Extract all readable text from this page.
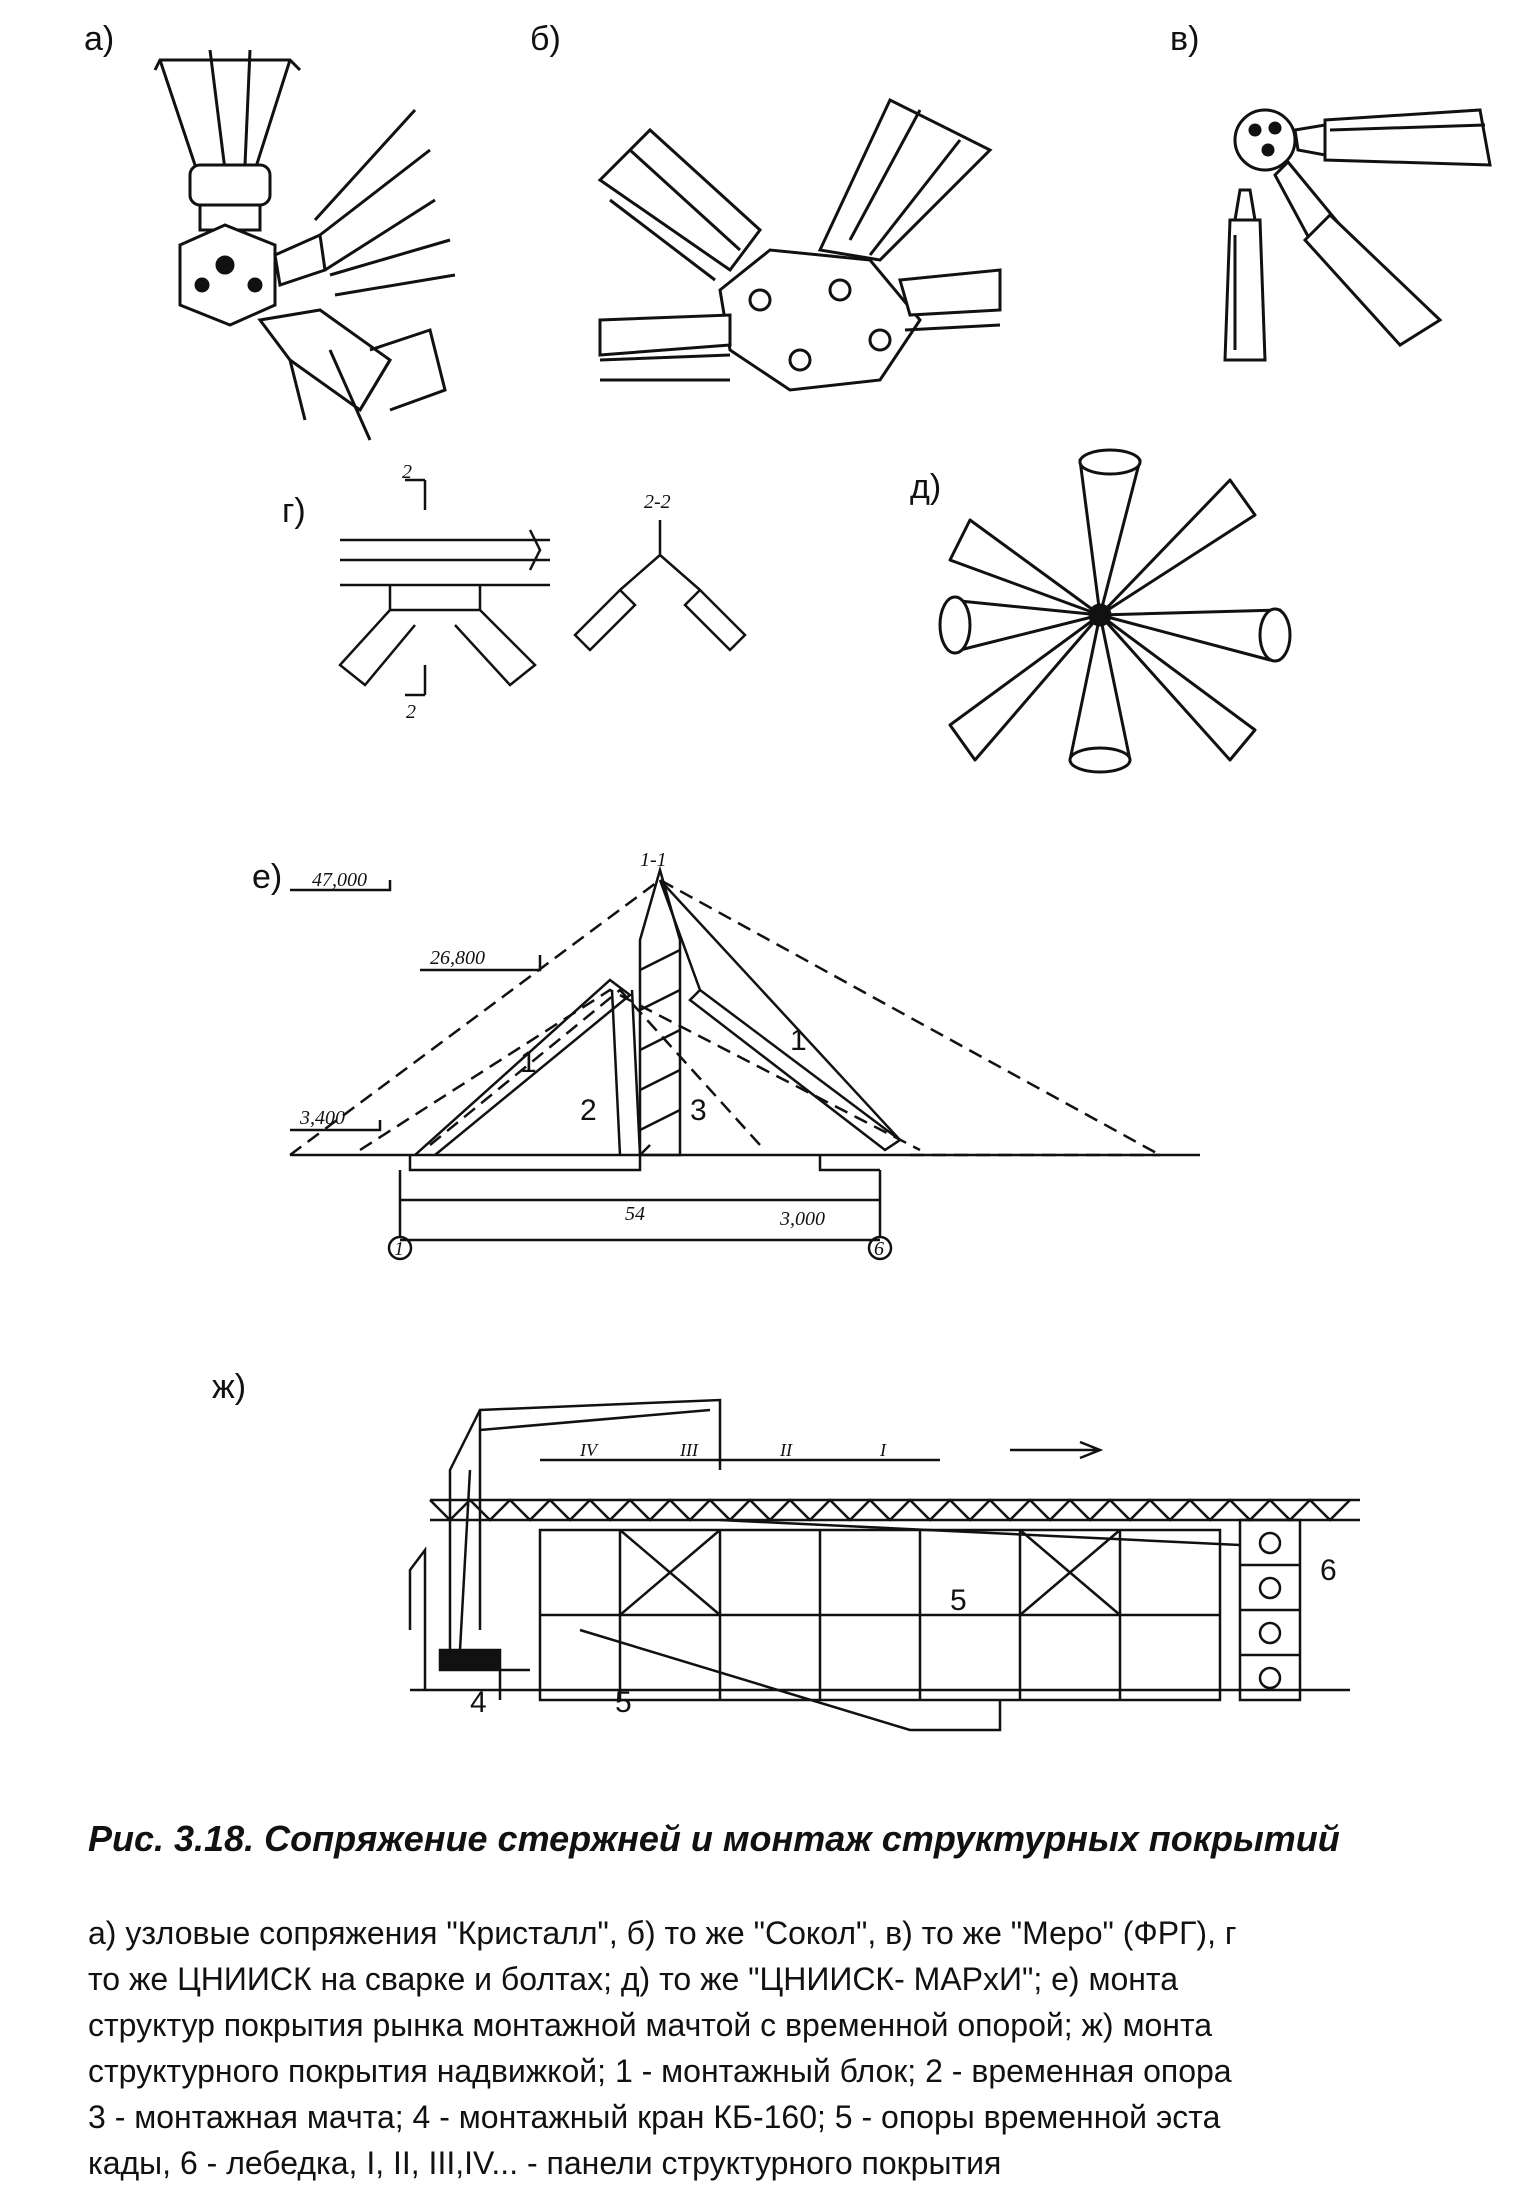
а)	б)	в)
г)
д)
е)
ж)
2
2
2-2
1-1
47,000
26,800
3,400
3,000
54
1	6
1
2	3
1
IV	III	II	I
4	5
5
6
Рис. 3.18. Сопряжение стержней и монтаж структурных покрытий
а) узловые сопряжения "Кристалл", б) то же "Сокол", в) то же "Меро" (ФРГ), г
то же ЦНИИСК на сварке и болтах; д) то же "ЦНИИСК- МАРхИ"; е) монта
структур покрытия рынка монтажной мачтой с временной опорой; ж) монта
структурного покрытия надвижкой; 1 - монтажный блок; 2 - временная опора
3 - монтажная мачта; 4 - монтажный кран КБ-160; 5 - опоры временной эста
кады, 6 - лебедка, I, II, III,IV... - панели структурного покрытия
